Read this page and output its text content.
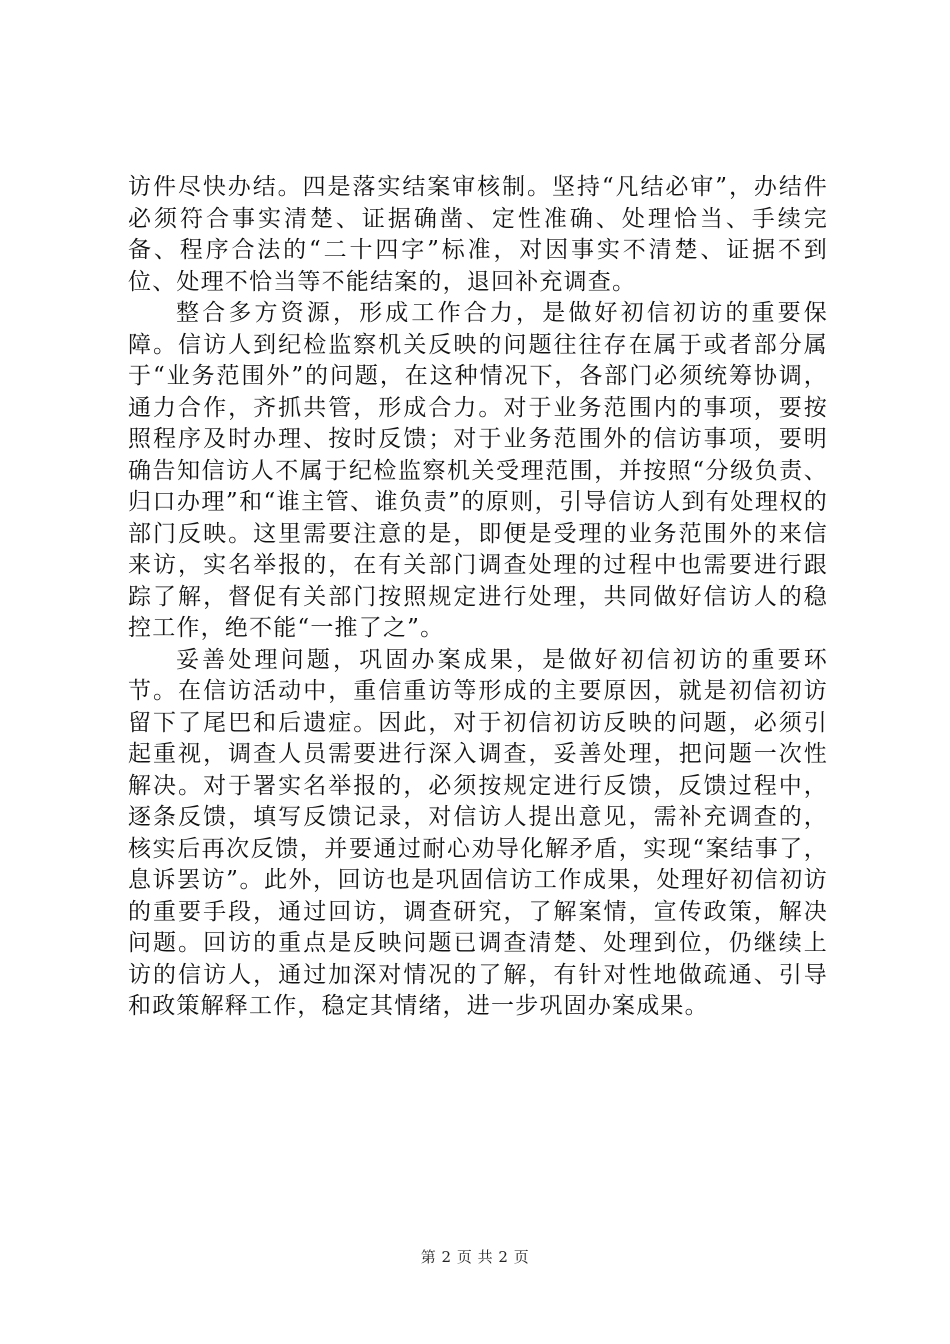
访件尽快办结。四是落实结案审核制。坚持“凡结必审”，办结件必须符合事实清楚、证据确凿、定性准确、处理恰当、手续完备、程序合法的“二十四字”标准，对因事实不清楚、证据不到位、处理不恰当等不能结案的，退回补充调查。

整合多方资源，形成工作合力，是做好初信初访的重要保障。信访人到纪检监察机关反映的问题往往存在属于或者部分属于“业务范围外”的问题，在这种情况下，各部门必须统筹协调，通力合作，齐抓共管，形成合力。对于业务范围内的事项，要按照程序及时办理、按时反馈；对于业务范围外的信访事项，要明确告知信访人不属于纪检监察机关受理范围，并按照“分级负责、归口办理”和“谁主管、谁负责”的原则，引导信访人到有处理权的部门反映。这里需要注意的是，即便是受理的业务范围外的来信来访，实名举报的，在有关部门调查处理的过程中也需要进行跟踪了解，督促有关部门按照规定进行处理，共同做好信访人的稳控工作，绝不能“一推了之”。

妥善处理问题，巩固办案成果，是做好初信初访的重要环节。在信访活动中，重信重访等形成的主要原因，就是初信初访留下了尾巴和后遗症。因此，对于初信初访反映的问题，必须引起重视，调查人员需要进行深入调查，妥善处理，把问题一次性解决。对于署实名举报的，必须按规定进行反馈，反馈过程中，逐条反馈，填写反馈记录，对信访人提出意见，需补充调查的，核实后再次反馈，并要通过耐心劝导化解矛盾，实现“案结事了，息诉罢访”。此外，回访也是巩固信访工作成果，处理好初信初访的重要手段，通过回访，调查研究，了解案情，宣传政策，解决问题。回访的重点是反映问题已调查清楚、处理到位，仍继续上访的信访人，通过加深对情况的了解，有针对性地做疏通、引导和政策解释工作，稳定其情绪，进一步巩固办案成果。

第 2 页 共 2 页
